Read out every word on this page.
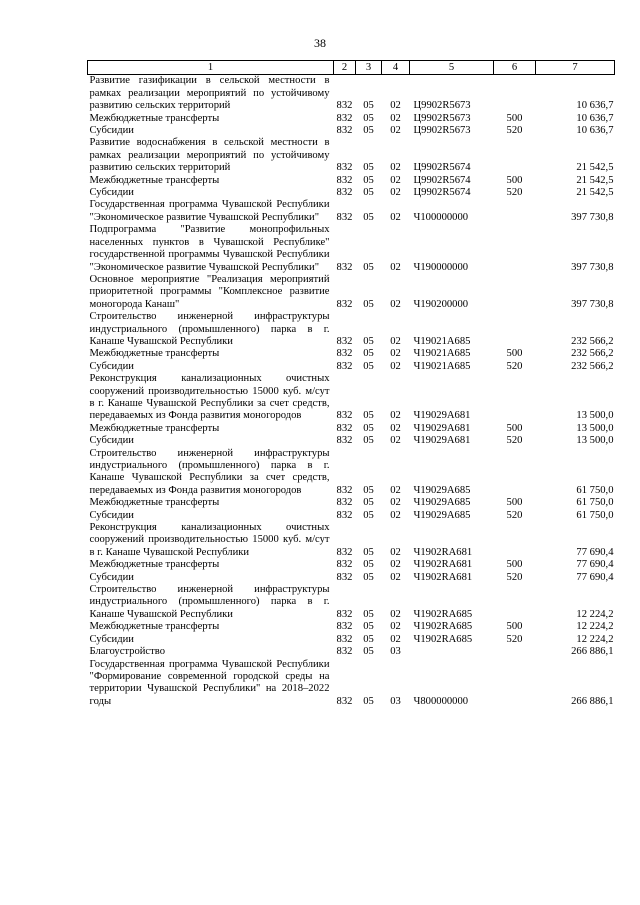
38
1	2	3	4	5	6	7
Развитие газификации в сельской местности в рамках реализации мероприятий по устойчивому развитию сельских территорий	832	05	02	Ц9902R5673		10 636,7
Межбюджетные трансферты	832	05	02	Ц9902R5673	500	10 636,7
Субсидии	832	05	02	Ц9902R5673	520	10 636,7
Развитие водоснабжения в сельской местности в рамках реализации мероприятий по устойчивому развитию сельских территорий	832	05	02	Ц9902R5674		21 542,5
Межбюджетные трансферты	832	05	02	Ц9902R5674	500	21 542,5
Субсидии	832	05	02	Ц9902R5674	520	21 542,5
Государственная программа Чувашской Республики "Экономическое развитие Чувашской Республики"	832	05	02	Ч100000000		397 730,8
Подпрограмма "Развитие монопрофильных населенных пунктов в Чувашской Республике" государственной программы Чувашской Республики "Экономическое развитие Чувашской Республики"	832	05	02	Ч190000000		397 730,8
Основное мероприятие "Реализация мероприятий приоритетной программы "Комплексное развитие моногорода Канаш"	832	05	02	Ч190200000		397 730,8
Строительство инженерной инфраструктуры индустриального (промышленного) парка в г. Канаше Чувашской Республики	832	05	02	Ч19021А685		232 566,2
Межбюджетные трансферты	832	05	02	Ч19021А685	500	232 566,2
Субсидии	832	05	02	Ч19021А685	520	232 566,2
Реконструкция канализационных очистных сооружений производительностью 15000 куб. м/сут в г. Канаше Чувашской Республики за счет средств, передаваемых из Фонда развития моногородов	832	05	02	Ч19029А681		13 500,0
Межбюджетные трансферты	832	05	02	Ч19029А681	500	13 500,0
Субсидии	832	05	02	Ч19029А681	520	13 500,0
Строительство инженерной инфраструктуры индустриального (промышленного) парка в г. Канаше Чувашской Республики за счет средств, передаваемых из Фонда развития моногородов	832	05	02	Ч19029А685		61 750,0
Межбюджетные трансферты	832	05	02	Ч19029А685	500	61 750,0
Субсидии	832	05	02	Ч19029А685	520	61 750,0
Реконструкция канализационных очистных сооружений производительностью 15000 куб. м/сут в г. Канаше Чувашской Республики	832	05	02	Ч1902RА681		77 690,4
Межбюджетные трансферты	832	05	02	Ч1902RА681	500	77 690,4
Субсидии	832	05	02	Ч1902RА681	520	77 690,4
Строительство инженерной инфраструктуры индустриального (промышленного) парка в г. Канаше Чувашской Республики	832	05	02	Ч1902RА685		12 224,2
Межбюджетные трансферты	832	05	02	Ч1902RА685	500	12 224,2
Субсидии	832	05	02	Ч1902RА685	520	12 224,2
Благоустройство	832	05	03			266 886,1
Государственная программа Чувашской Республики "Формирование современной городской среды на территории Чувашской Республики" на 2018–2022 годы	832	05	03	Ч800000000		266 886,1
